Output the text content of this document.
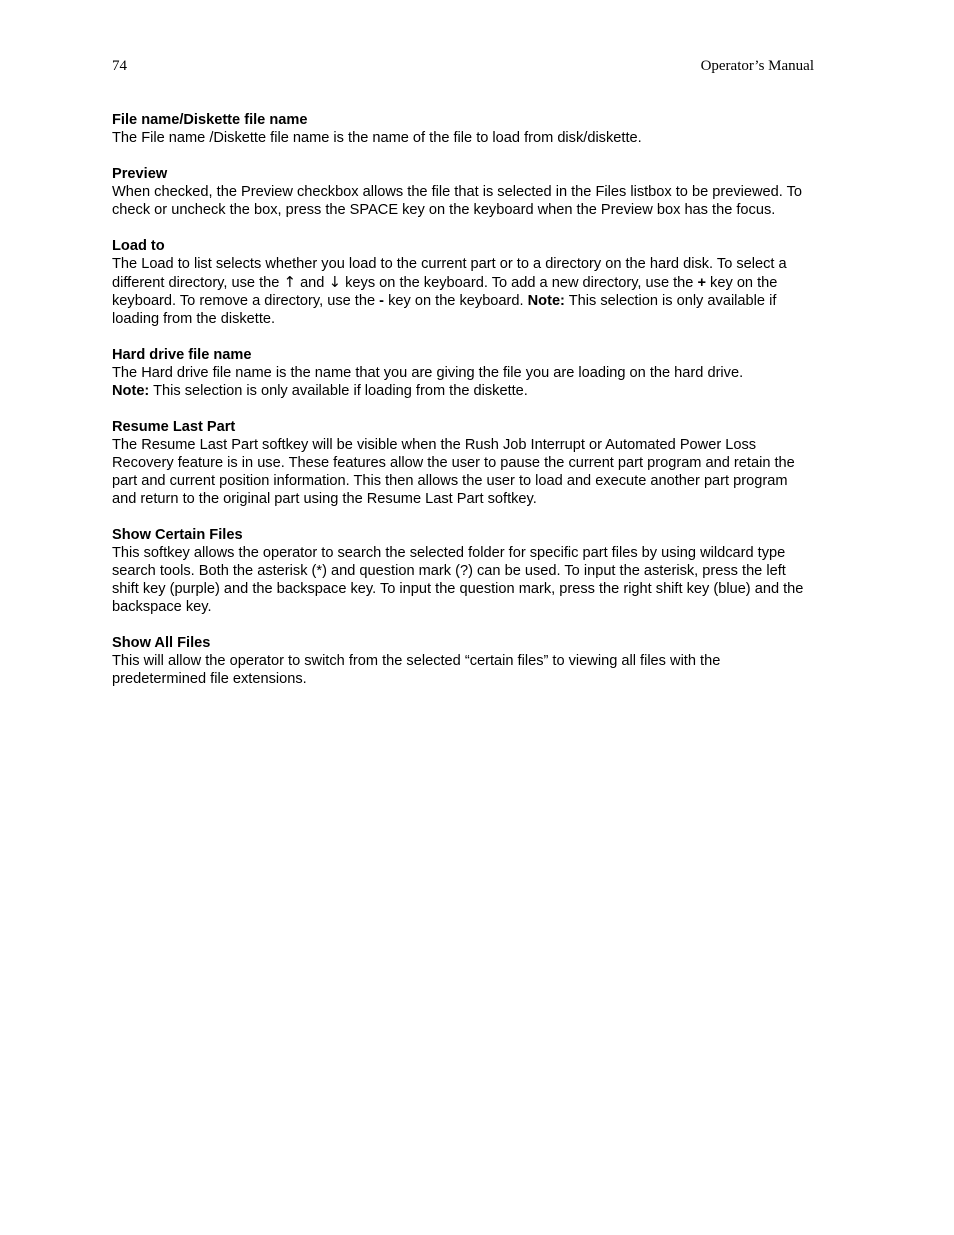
74	Operator’s Manual

File name/Diskette file name

The File name /Diskette file name is the name of the file to load from disk/diskette.

Preview

When checked, the Preview checkbox allows the file that is selected in the Files listbox to be previewed. To check or uncheck the box, press the SPACE key on the keyboard when the Preview box has the focus.

Load to

The Load to list selects whether you load to the current part or to a directory on the hard disk. To select a different directory, use the ↑ and ↓ keys on the keyboard. To add a new directory, use the + key on the keyboard. To remove a directory, use the - key on the keyboard. Note: This selection is only available if loading from the diskette.

Hard drive file name

The Hard drive file name is the name that you are giving the file you are loading on the hard drive.
Note: This selection is only available if loading from the diskette.

Resume Last Part

The Resume Last Part softkey will be visible when the Rush Job Interrupt or Automated Power Loss Recovery feature is in use. These features allow the user to pause the current part program and retain the part and current position information. This then allows the user to load and execute another part program and return to the original part using the Resume Last Part softkey.

Show Certain Files

This softkey allows the operator to search the selected folder for specific part files by using wildcard type search tools. Both the asterisk (*) and question mark (?) can be used. To input the asterisk, press the left shift key (purple) and the backspace key. To input the question mark, press the right shift key (blue) and the backspace key.

Show All Files

This will allow the operator to switch from the selected “certain files” to viewing all files with the predetermined file extensions.
